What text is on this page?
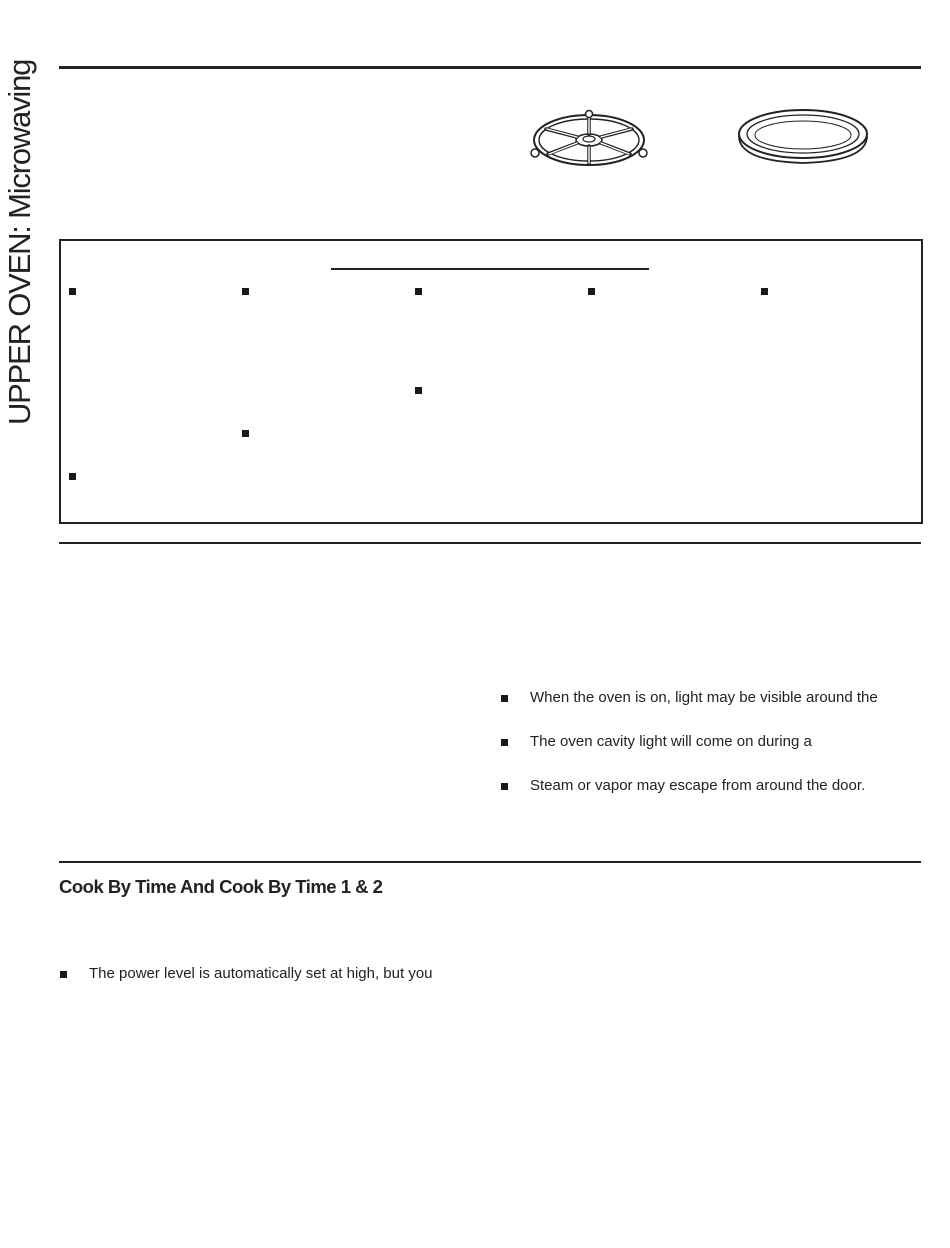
UPPER OVEN: Microwaving
When the oven is on, light may be visible around the
The oven cavity light will come on during a
Steam or vapor may escape from around the door.
Cook By Time And Cook By Time 1 & 2
The power level is automatically set at high, but you
